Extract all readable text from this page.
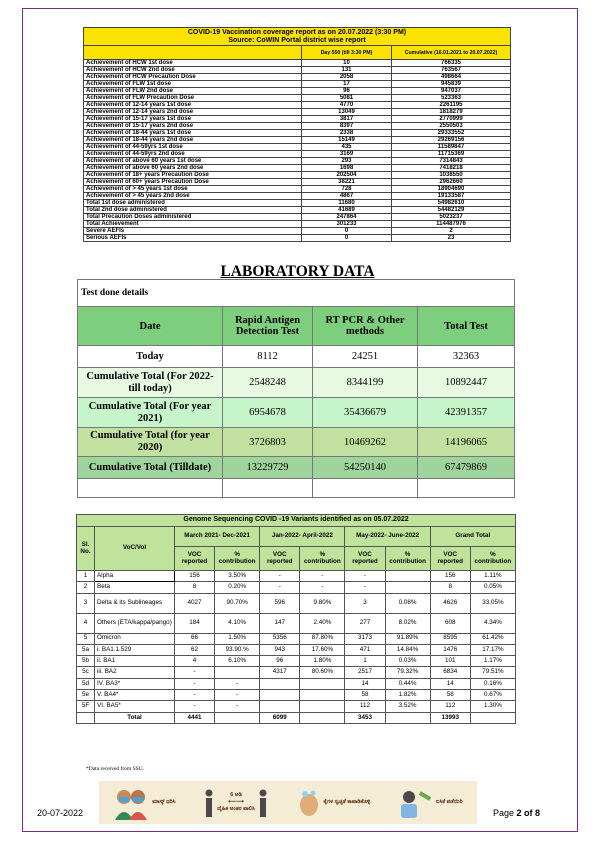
COVID-19 Vaccination coverage report as on 20.07.2022 (3:30 PM)
Source: CoWIN Portal district wise report		
	Day 550 (till 3:30 PM)	Cumulative (16.01.2021 to 20.07.2022)
Achievement of HCW 1st dose	10	766335
Achievement of HCW 2nd dose	131	763567
Achievement of HCW Precaution Dose	2058	498664
Achievement of FLW 1st dose	17	945839
Achievement of FLW 2nd dose	96	947037
Achievement of FLW Precaution Dose	5081	523363
Achievement of 12-14 years 1st dose	4770	2261195
Achievement of 12-14 years 2nd dose	13049	1818279
Achievement of 15-17 years 1st dose	3817	2770999
Achievement of 15-17 years 2nd dose	8397	2550503
Achievement of 18-44 years 1st dose	2338	29333552
Achievement of 18-44 years 2nd dose	15149	29269156
Achievement of 44-59yrs 1st dose	435	11589847
Achievement of 44-59yrs 2nd dose	3169	11715369
Achievement of above 60 years 1st dose	293	7314843
Achievement of above 60 years 2nd dose	1698	7418218
Achievement of 18+ years Precaution Dose	202504	1038550
Achievement of 60+ years Precaution Dose	38221	2962660
Achievement of > 45 years 1st dose	728	18904690
Achievement of > 45 years 2nd dose	4867	19133587
Total 1st dose administered	11680	54982610
Total 2nd dose administered	41689	54482129
Total Precaution Doses administered	247864	5023237
Total Achievement	301233	114487976
Severe AEFIs	0	2
Serious AEFIs	0	23
LABORATORY DATA
Test done details			
Date	Rapid Antigen Detection Test	RT PCR & Other methods	Total Test
Today	8112	24251	32363
Cumulative Total (For 2022- till today)	2548248	8344199	10892447
Cumulative Total (For year 2021)	6954678	35436679	42391357
Cumulative Total (for year 2020)	3726803	10469262	14196065
Cumulative Total (Tilldate)	13229729	54250140	67479869

Genome Sequencing COVID -19 Variants identified as on 05.07.2022									
Sl. No.	VoC/VoI	March 2021- Dec-2021		Jan-2022- April-2022		May-2022- June-2022		Grand Total	
		VOC reported	% contribution	VOC reported	% contribution	VOC reported	% contribution	VOC reported	% contribution
1	Alpha	156	3.50%	-	-	-		156	1.11%
2	Beta	8	0.20%	-	-	-		8	0.05%
3	Delta & its Sublineages	4027	90.70%	596	9.80%	3	0.08%	4626	33.05%
4	Others (ETA/kappa/pango)	184	4.10%	147	2.40%	277	8.02%	608	4.34%
5	Omicron	66	1.50%	5356	87.80%	3173	91.89%	8595	61.42%
5a	i. BA1.1.529	62	93.90.%	943	17.60%	471	14.84%	1476	17.17%
5b	ii. BA1	4	6.10%	96	1.80%	1	0.03%	101	1.17%
5c	iii. BA2	-		4317	80.60%	2517	79.32%	6834	79.51%
5d	IV. BA3*	-	-			14	0.44%	14	0.16%
5e	V. BA4*	-	-			58	1.82%	58	0.67%
5F	VI. BA5*	-	-			112	3.52%	112	1.30%
	Total	4441		6099		3453		13993	
*Data received from SSU.
ಮಾಸ್ಕ್ ಧರಿಸಿ
6 ಅಡಿ
⟵⟶
ದೈಹಿಕ ಅಂತರ ಪಾಲಿಸಿ
ಕೈಗಳ ಸ್ವಚ್ಛತೆ ಕಾಪಾಡಿಕೊಳ್ಳಿ	ಲಸಿಕೆ ಪಡೆಯಿರಿ
20-07-2022	Page 2 of 8
